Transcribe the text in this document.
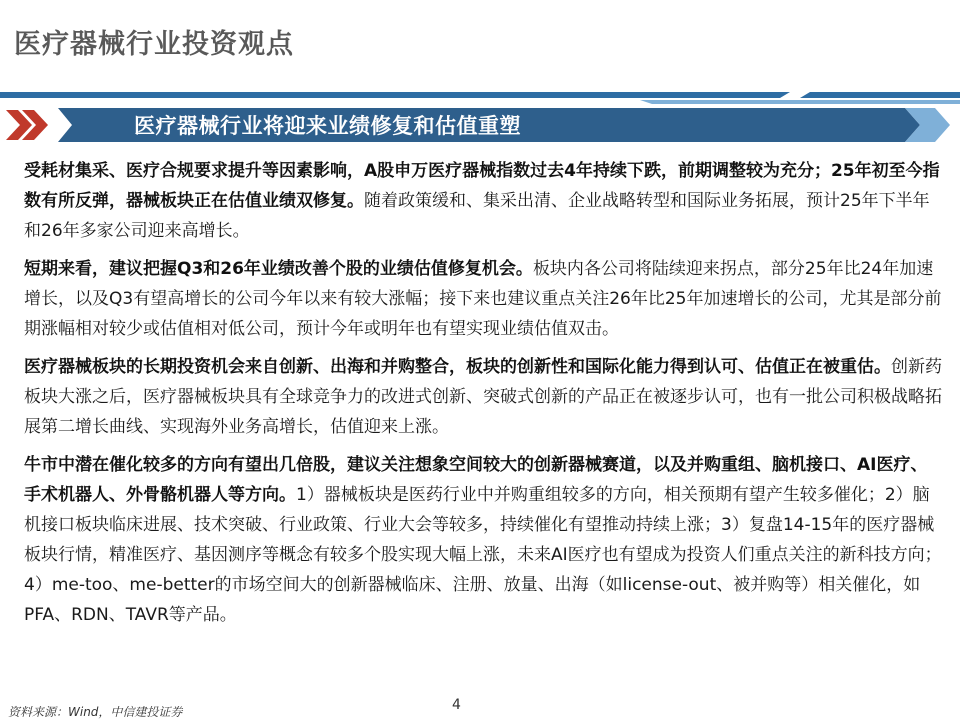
医疗器械行业投资观点
医疗器械行业将迎来业绩修复和估值重塑

受耗材集采、医疗合规要求提升等因素影响，A股申万医疗器械指数过去4年持续下跌，前期调整较为充分；25年初至今指数有所反弹，器械板块正在估值业绩双修复。随着政策缓和、集采出清、企业战略转型和国际业务拓展，预计25年下半年和26年多家公司迎来高增长。

短期来看，建议把握Q3和26年业绩改善个股的业绩估值修复机会。板块内各公司将陆续迎来拐点，部分25年比24年加速增长，以及Q3有望高增长的公司今年以来有较大涨幅；接下来也建议重点关注26年比25年加速增长的公司，尤其是部分前期涨幅相对较少或估值相对低公司，预计今年或明年也有望实现业绩估值双击。

医疗器械板块的长期投资机会来自创新、出海和并购整合，板块的创新性和国际化能力得到认可、估值正在被重估。创新药板块大涨之后，医疗器械板块具有全球竞争力的改进式创新、突破式创新的产品正在被逐步认可，也有一批公司积极战略拓展第二增长曲线、实现海外业务高增长，估值迎来上涨。

牛市中潜在催化较多的方向有望出几倍股，建议关注想象空间较大的创新器械赛道，以及并购重组、脑机接口、AI医疗、手术机器人、外骨骼机器人等方向。1）器械板块是医药行业中并购重组较多的方向，相关预期有望产生较多催化；2）脑机接口板块临床进展、技术突破、行业政策、行业大会等较多，持续催化有望推动持续上涨；3）复盘14-15年的医疗器械板块行情，精准医疗、基因测序等概念有较多个股实现大幅上涨，未来AI医疗也有望成为投资人们重点关注的新科技方向；4）me-too、me-better的市场空间大的创新器械临床、注册、放量、出海（如license-out、被并购等）相关催化，如PFA、RDN、TAVR等产品。

资料来源：Wind，中信建投证券	4
